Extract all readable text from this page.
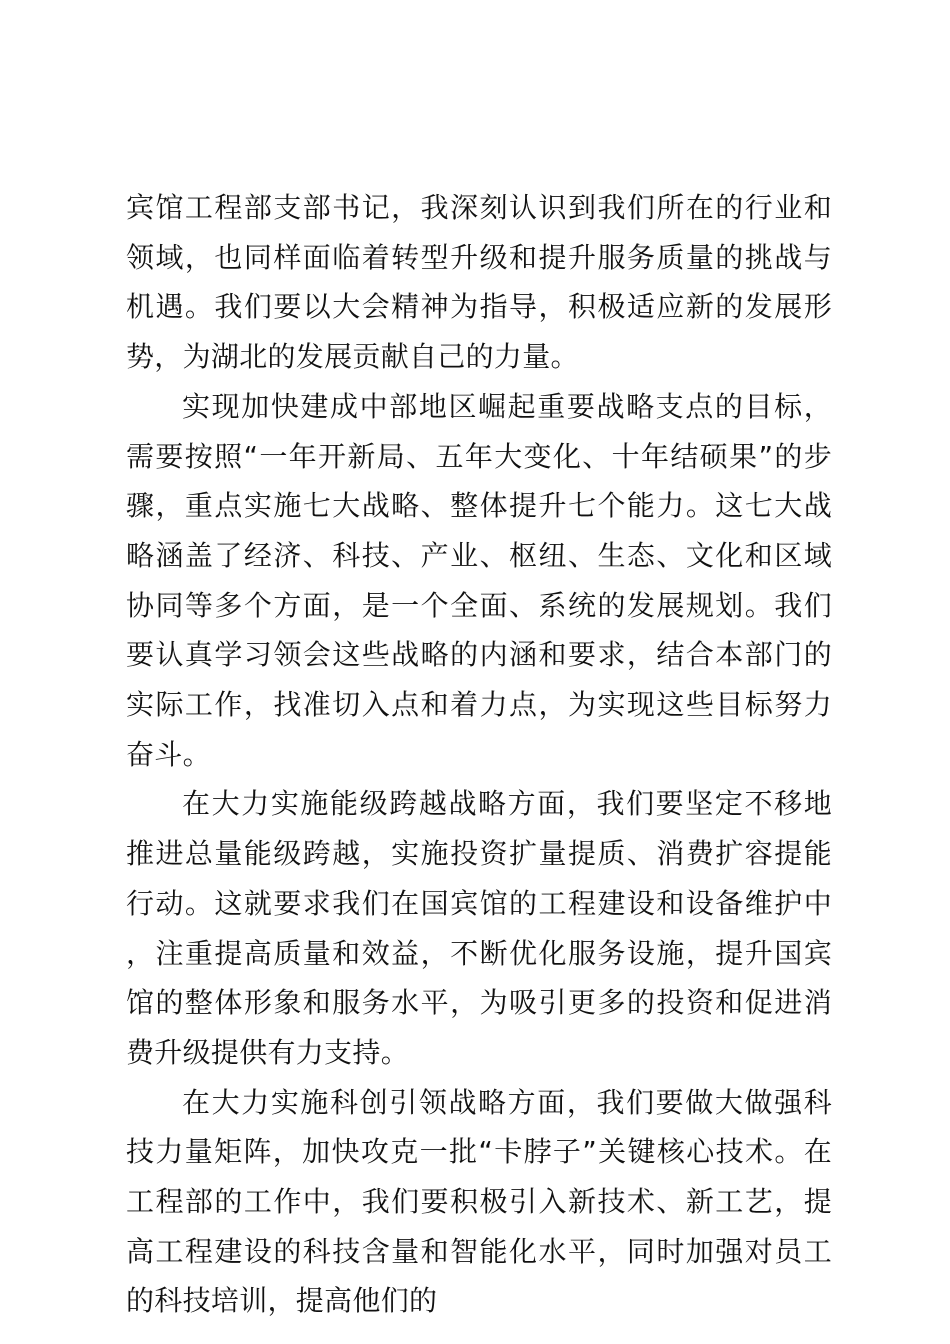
宾馆工程部支部书记，我深刻认识到我们所在的行业和领域，也同样面临着转型升级和提升服务质量的挑战与机遇。我们要以大会精神为指导，积极适应新的发展形势，为湖北的发展贡献自己的力量。

实现加快建成中部地区崛起重要战略支点的目标，需要按照“一年开新局、五年大变化、十年结硕果”的步骤，重点实施七大战略、整体提升七个能力。这七大战略涵盖了经济、科技、产业、枢纽、生态、文化和区域协同等多个方面，是一个全面、系统的发展规划。我们要认真学习领会这些战略的内涵和要求，结合本部门的实际工作，找准切入点和着力点，为实现这些目标努力奋斗。

在大力实施能级跨越战略方面，我们要坚定不移地推进总量能级跨越，实施投资扩量提质、消费扩容提能行动。这就要求我们在国宾馆的工程建设和设备维护中，注重提高质量和效益，不断优化服务设施，提升国宾馆的整体形象和服务水平，为吸引更多的投资和促进消费升级提供有力支持。

在大力实施科创引领战略方面，我们要做大做强科技力量矩阵，加快攻克一批“卡脖子”关键核心技术。在工程部的工作中，我们要积极引入新技术、新工艺，提高工程建设的科技含量和智能化水平，同时加强对员工的科技培训，提高他们的
